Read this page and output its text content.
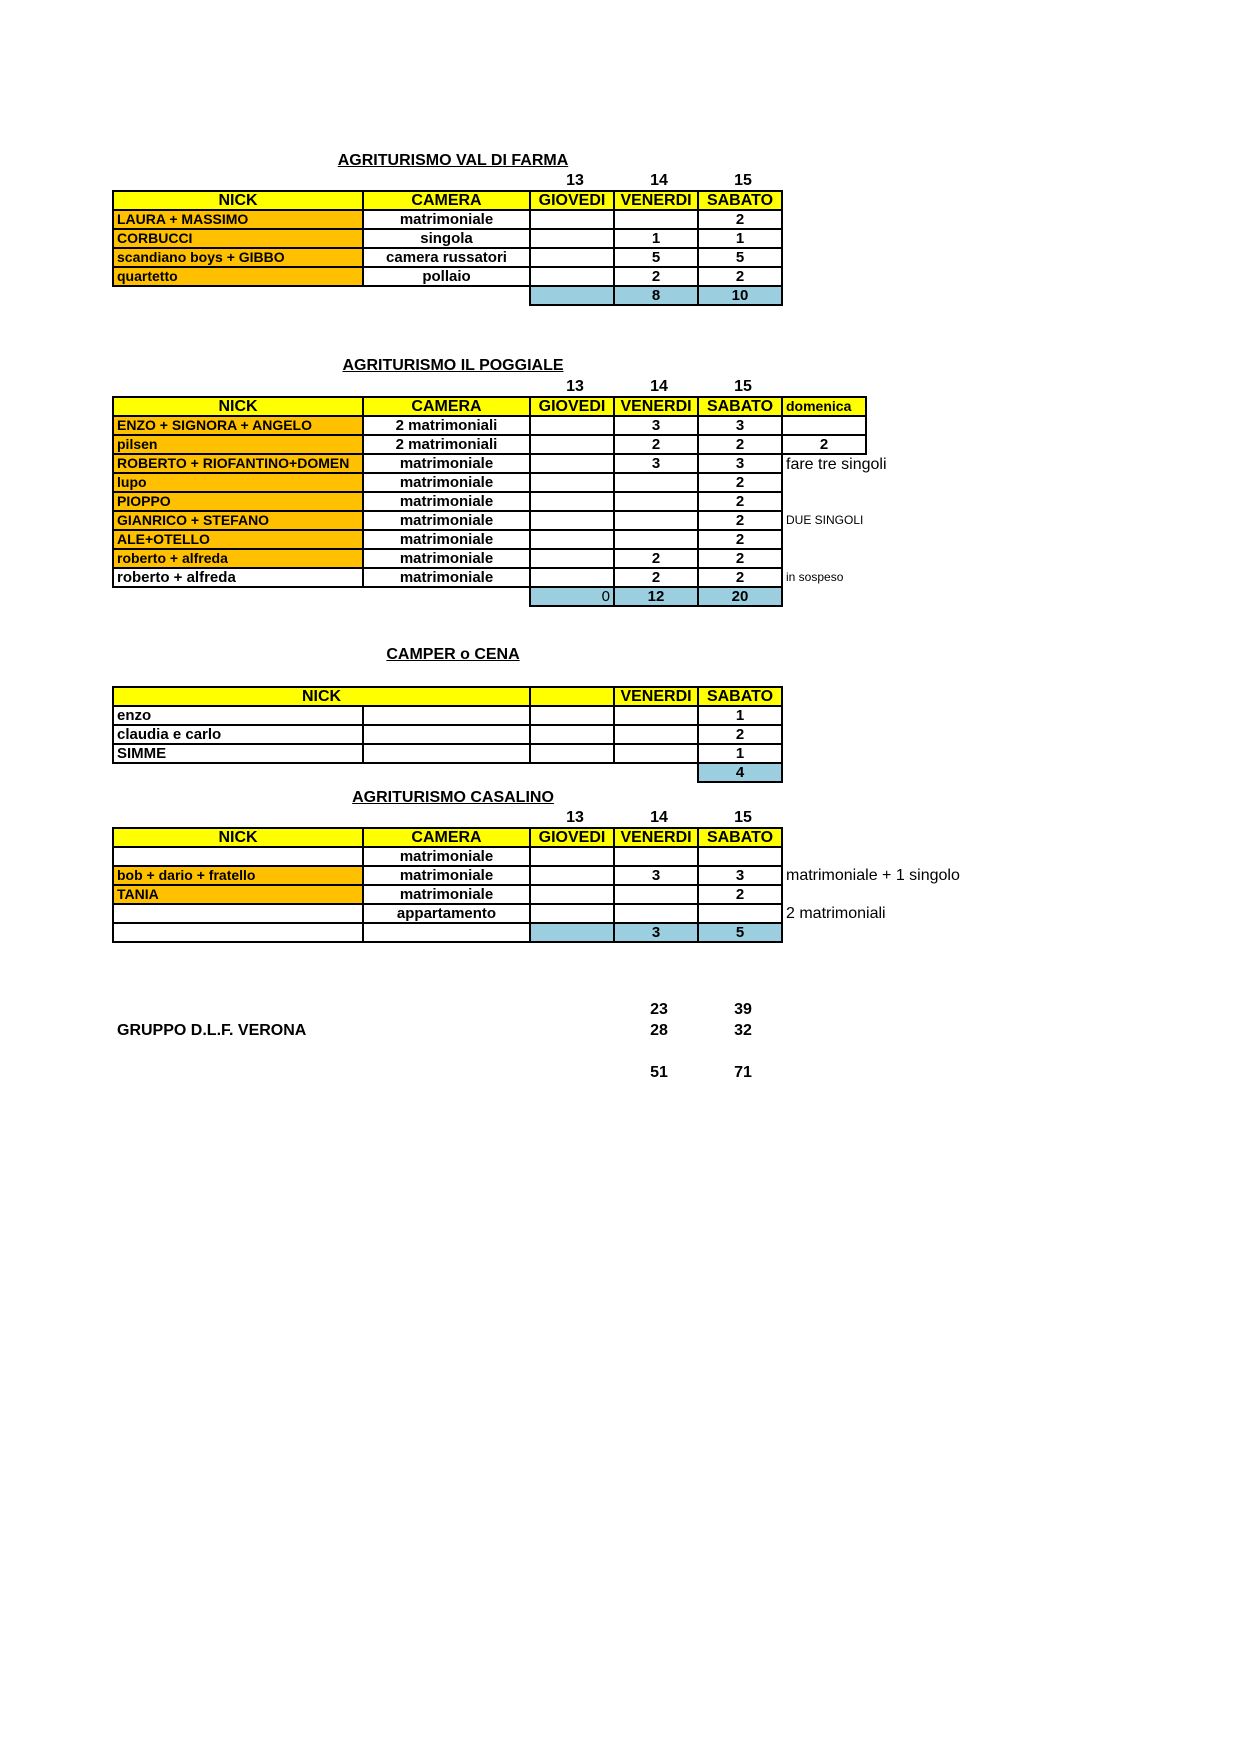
AGRITURISMO VAL DI FARMA
13	14	15
NICK	CAMERA	GIOVEDI	VENERDI	SABATO
LAURA + MASSIMO	matrimoniale			2
CORBUCCI	singola		1	1
scandiano boys + GIBBO	camera russatori		5	5
quartetto	pollaio		2	2
			8	10
AGRITURISMO IL POGGIALE
13	14	15
NICK	CAMERA	GIOVEDI	VENERDI	SABATO	domenica	
ENZO + SIGNORA + ANGELO	2 matrimoniali		3	3		
pilsen	2 matrimoniali		2	2	2	
ROBERTO + RIOFANTINO+DOMEN	matrimoniale		3	3	fare tre singoli	
lupo	matrimoniale			2		
PIOPPO	matrimoniale			2		
GIANRICO + STEFANO	matrimoniale			2	DUE SINGOLI	
ALE+OTELLO	matrimoniale			2		
roberto + alfreda	matrimoniale		2	2		
roberto + alfreda	matrimoniale		2	2	in sospeso	
		0	12	20		
CAMPER o CENA
NICK			VENERDI	SABATO
enzo				1
claudia e carlo				2
SIMME				1
				4
AGRITURISMO CASALINO
13	14	15
NICK	CAMERA	GIOVEDI	VENERDI	SABATO	
	matrimoniale				
bob + dario + fratello	matrimoniale		3	3	matrimoniale + 1 singolo
TANIA	matrimoniale			2	
	appartamento				2 matrimoniali
			3	5	
23	39
GRUPPO D.L.F. VERONA	28	32
51	71
